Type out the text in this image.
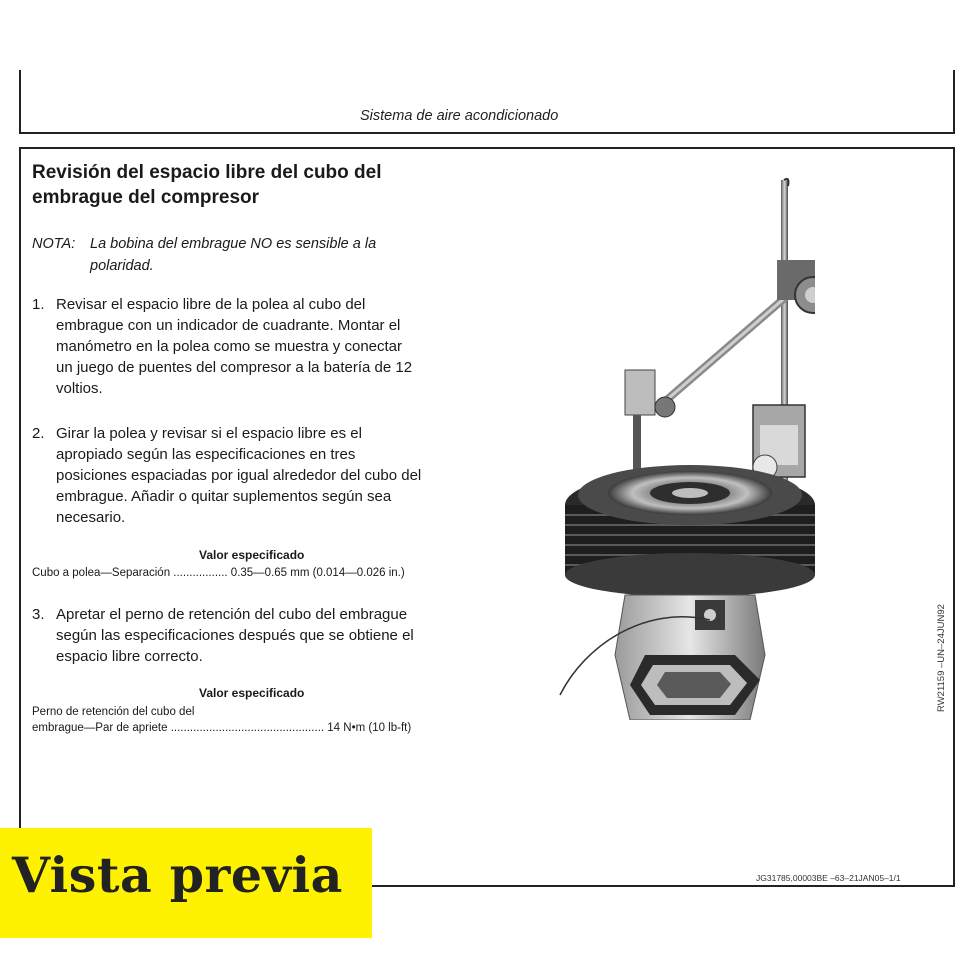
Sistema de aire acondicionado
Revisión del espacio libre del cubo del
embrague del compresor
NOTA: La bobina del embrague NO es sensible a la
polaridad.
1. Revisar el espacio libre de la polea al cubo del
embrague con un indicador de cuadrante. Montar el
manómetro en la polea como se muestra y conectar
un juego de puentes del compresor a la batería de 12
voltios.
2. Girar la polea y revisar si el espacio libre es el
apropiado según las especificaciones en tres
posiciones espaciadas por igual alrededor del cubo del
embrague. Añadir o quitar suplementos según sea
necesario.
Valor especificado
Cubo a polea—Separación ................. 0.35—0.65 mm (0.014—0.026 in.)
3. Apretar el perno de retención del cubo del embrague
según las especificaciones después que se obtiene el
espacio libre correcto.
Valor especificado
Perno de retención del cubo del
embrague—Par de apriete ................................................ 14 N•m (10 lb-ft)
RW21159 –UN–24JUN92
JG31785,00003BE –63–21JAN05–1/1
Vista previa
